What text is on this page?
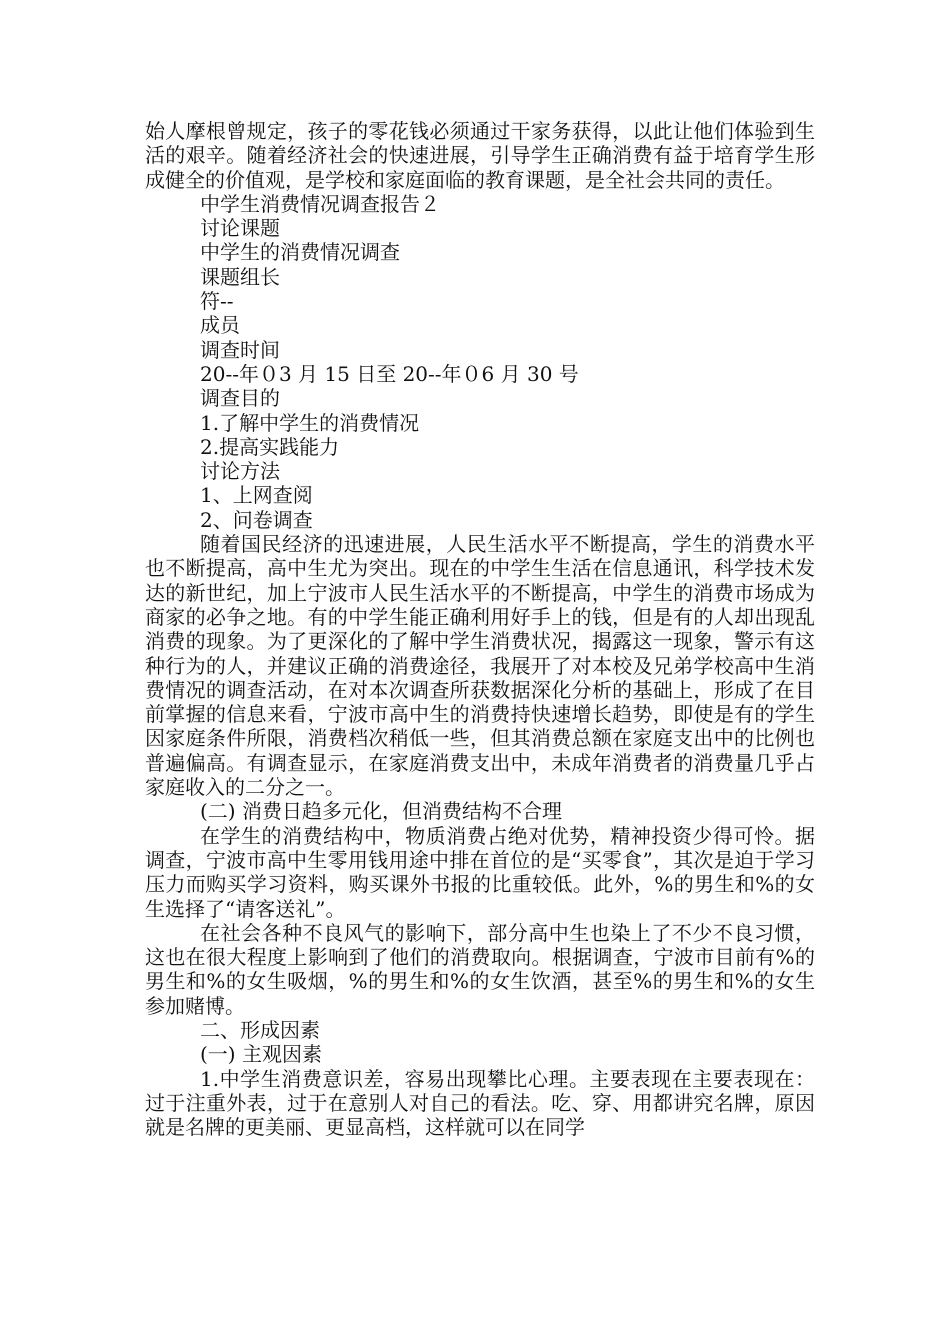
始人摩根曾规定，孩子的零花钱必须通过干家务获得，以此让他们体验到生活的艰辛。随着经济社会的快速进展，引导学生正确消费有益于培育学生形成健全的价值观，是学校和家庭面临的教育课题，是全社会共同的责任。

中学生消费情况调查报告２

讨论课题

中学生的消费情况调查

课题组长

符--

成员

调查时间

20--年０3 月 15 日至 20--年０6 月 30 号

调查目的

1.了解中学生的消费情况

2.提高实践能力

讨论方法

1、上网查阅

2、问卷调查

随着国民经济的迅速进展，人民生活水平不断提高，学生的消费水平也不断提高，高中生尤为突出。现在的中学生生活在信息通讯，科学技术发达的新世纪，加上宁波市人民生活水平的不断提高，中学生的消费市场成为商家的必争之地。有的中学生能正确利用好手上的钱，但是有的人却出现乱消费的现象。为了更深化的了解中学生消费状况，揭露这一现象，警示有这种行为的人，并建议正确的消费途径，我展开了对本校及兄弟学校高中生消费情况的调查活动，在对本次调查所获数据深化分析的基础上，形成了在目前掌握的信息来看，宁波市高中生的消费持快速增长趋势，即使是有的学生因家庭条件所限，消费档次稍低一些，但其消费总额在家庭支出中的比例也普遍偏高。有调查显示，在家庭消费支出中，未成年消费者的消费量几乎占家庭收入的二分之一。

(二) 消费日趋多元化，但消费结构不合理

在学生的消费结构中，物质消费占绝对优势，精神投资少得可怜。据调查，宁波市高中生零用钱用途中排在首位的是“买零食”，其次是迫于学习压力而购买学习资料，购买课外书报的比重较低。此外，%的男生和%的女生选择了“请客送礼”。

在社会各种不良风气的影响下，部分高中生也染上了不少不良习惯，这也在很大程度上影响到了他们的消费取向。根据调查，宁波市目前有%的男生和%的女生吸烟，%的男生和%的女生饮酒，甚至%的男生和%的女生参加赌博。

二、形成因素

(一) 主观因素

1.中学生消费意识差，容易出现攀比心理。主要表现在主要表现在：过于注重外表，过于在意别人对自己的看法。吃、穿、用都讲究名牌，原因就是名牌的更美丽、更显高档，这样就可以在同学
